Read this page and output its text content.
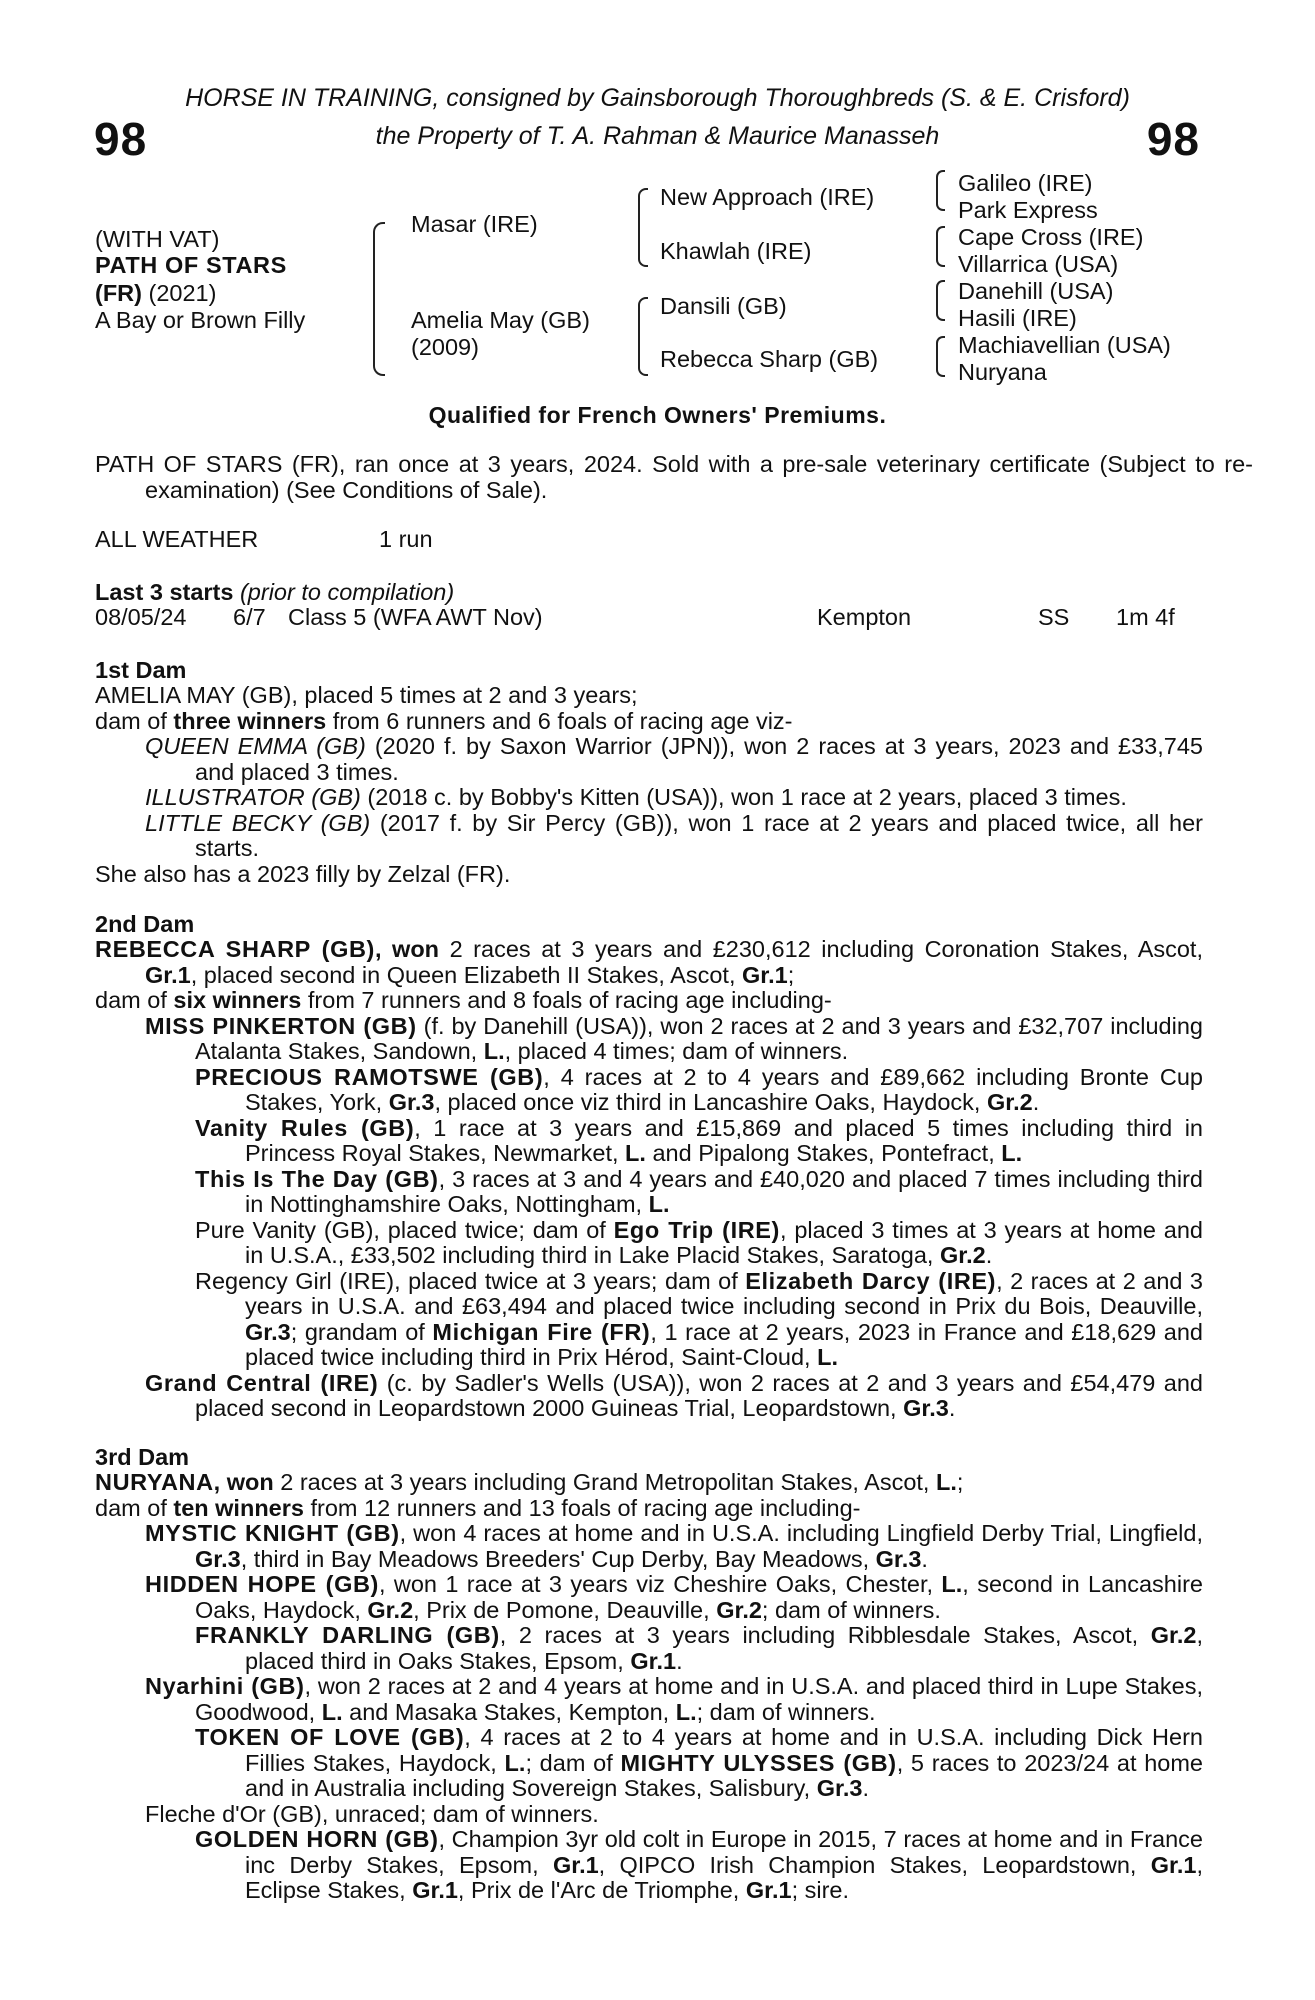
HORSE IN TRAINING, consigned by Gainsborough Thoroughbreds (S. & E. Crisford)
the Property of T. A. Rahman & Maurice Manasseh
98	98
(WITH VAT)
PATH OF STARS
(FR) (2021)
A Bay or Brown Filly
Masar (IRE)
Amelia May (GB)
(2009)
New Approach (IRE)
Khawlah (IRE)
Dansili (GB)
Rebecca Sharp (GB)
Galileo (IRE)
Park Express
Cape Cross (IRE)
Villarrica (USA)
Danehill (USA)
Hasili (IRE)
Machiavellian (USA)
Nuryana
Qualified for French Owners' Premiums.
PATH OF STARS (FR), ran once at 3 years, 2024. Sold with a pre-sale veterinary certificate (Subject to re-examination) (See Conditions of Sale).
ALL WEATHER	1 run
Last 3 starts (prior to compilation)
08/05/24 6/7 Class 5 (WFA AWT Nov)	Kempton	SS 1m 4f
1st Dam

AMELIA MAY (GB), placed 5 times at 2 and 3 years;

dam of three winners from 6 runners and 6 foals of racing age viz-

QUEEN EMMA (GB) (2020 f. by Saxon Warrior (JPN)), won 2 races at 3 years, 2023 and £33,745 and placed 3 times.

ILLUSTRATOR (GB) (2018 c. by Bobby's Kitten (USA)), won 1 race at 2 years, placed 3 times.

LITTLE BECKY (GB) (2017 f. by Sir Percy (GB)), won 1 race at 2 years and placed twice, all her starts.

She also has a 2023 filly by Zelzal (FR).

2nd Dam

REBECCA SHARP (GB), won 2 races at 3 years and £230,612 including Coronation Stakes, Ascot, Gr.1, placed second in Queen Elizabeth II Stakes, Ascot, Gr.1;

dam of six winners from 7 runners and 8 foals of racing age including-

MISS PINKERTON (GB) (f. by Danehill (USA)), won 2 races at 2 and 3 years and £32,707 including Atalanta Stakes, Sandown, L., placed 4 times; dam of winners.

PRECIOUS RAMOTSWE (GB), 4 races at 2 to 4 years and £89,662 including Bronte Cup Stakes, York, Gr.3, placed once viz third in Lancashire Oaks, Haydock, Gr.2.

Vanity Rules (GB), 1 race at 3 years and £15,869 and placed 5 times including third in Princess Royal Stakes, Newmarket, L. and Pipalong Stakes, Pontefract, L.

This Is The Day (GB), 3 races at 3 and 4 years and £40,020 and placed 7 times including third in Nottinghamshire Oaks, Nottingham, L.

Pure Vanity (GB), placed twice; dam of Ego Trip (IRE), placed 3 times at 3 years at home and in U.S.A., £33,502 including third in Lake Placid Stakes, Saratoga, Gr.2.

Regency Girl (IRE), placed twice at 3 years; dam of Elizabeth Darcy (IRE), 2 races at 2 and 3 years in U.S.A. and £63,494 and placed twice including second in Prix du Bois, Deauville, Gr.3; grandam of Michigan Fire (FR), 1 race at 2 years, 2023 in France and £18,629 and placed twice including third in Prix Hérod, Saint-Cloud, L.

Grand Central (IRE) (c. by Sadler's Wells (USA)), won 2 races at 2 and 3 years and £54,479 and placed second in Leopardstown 2000 Guineas Trial, Leopardstown, Gr.3.

3rd Dam

NURYANA, won 2 races at 3 years including Grand Metropolitan Stakes, Ascot, L.;

dam of ten winners from 12 runners and 13 foals of racing age including-

MYSTIC KNIGHT (GB), won 4 races at home and in U.S.A. including Lingfield Derby Trial, Lingfield, Gr.3, third in Bay Meadows Breeders' Cup Derby, Bay Meadows, Gr.3.

HIDDEN HOPE (GB), won 1 race at 3 years viz Cheshire Oaks, Chester, L., second in Lancashire Oaks, Haydock, Gr.2, Prix de Pomone, Deauville, Gr.2; dam of winners.

FRANKLY DARLING (GB), 2 races at 3 years including Ribblesdale Stakes, Ascot, Gr.2, placed third in Oaks Stakes, Epsom, Gr.1.

Nyarhini (GB), won 2 races at 2 and 4 years at home and in U.S.A. and placed third in Lupe Stakes, Goodwood, L. and Masaka Stakes, Kempton, L.; dam of winners.

TOKEN OF LOVE (GB), 4 races at 2 to 4 years at home and in U.S.A. including Dick Hern Fillies Stakes, Haydock, L.; dam of MIGHTY ULYSSES (GB), 5 races to 2023/24 at home and in Australia including Sovereign Stakes, Salisbury, Gr.3.

Fleche d'Or (GB), unraced; dam of winners.

GOLDEN HORN (GB), Champion 3yr old colt in Europe in 2015, 7 races at home and in France inc Derby Stakes, Epsom, Gr.1, QIPCO Irish Champion Stakes, Leopardstown, Gr.1, Eclipse Stakes, Gr.1, Prix de l'Arc de Triomphe, Gr.1; sire.
